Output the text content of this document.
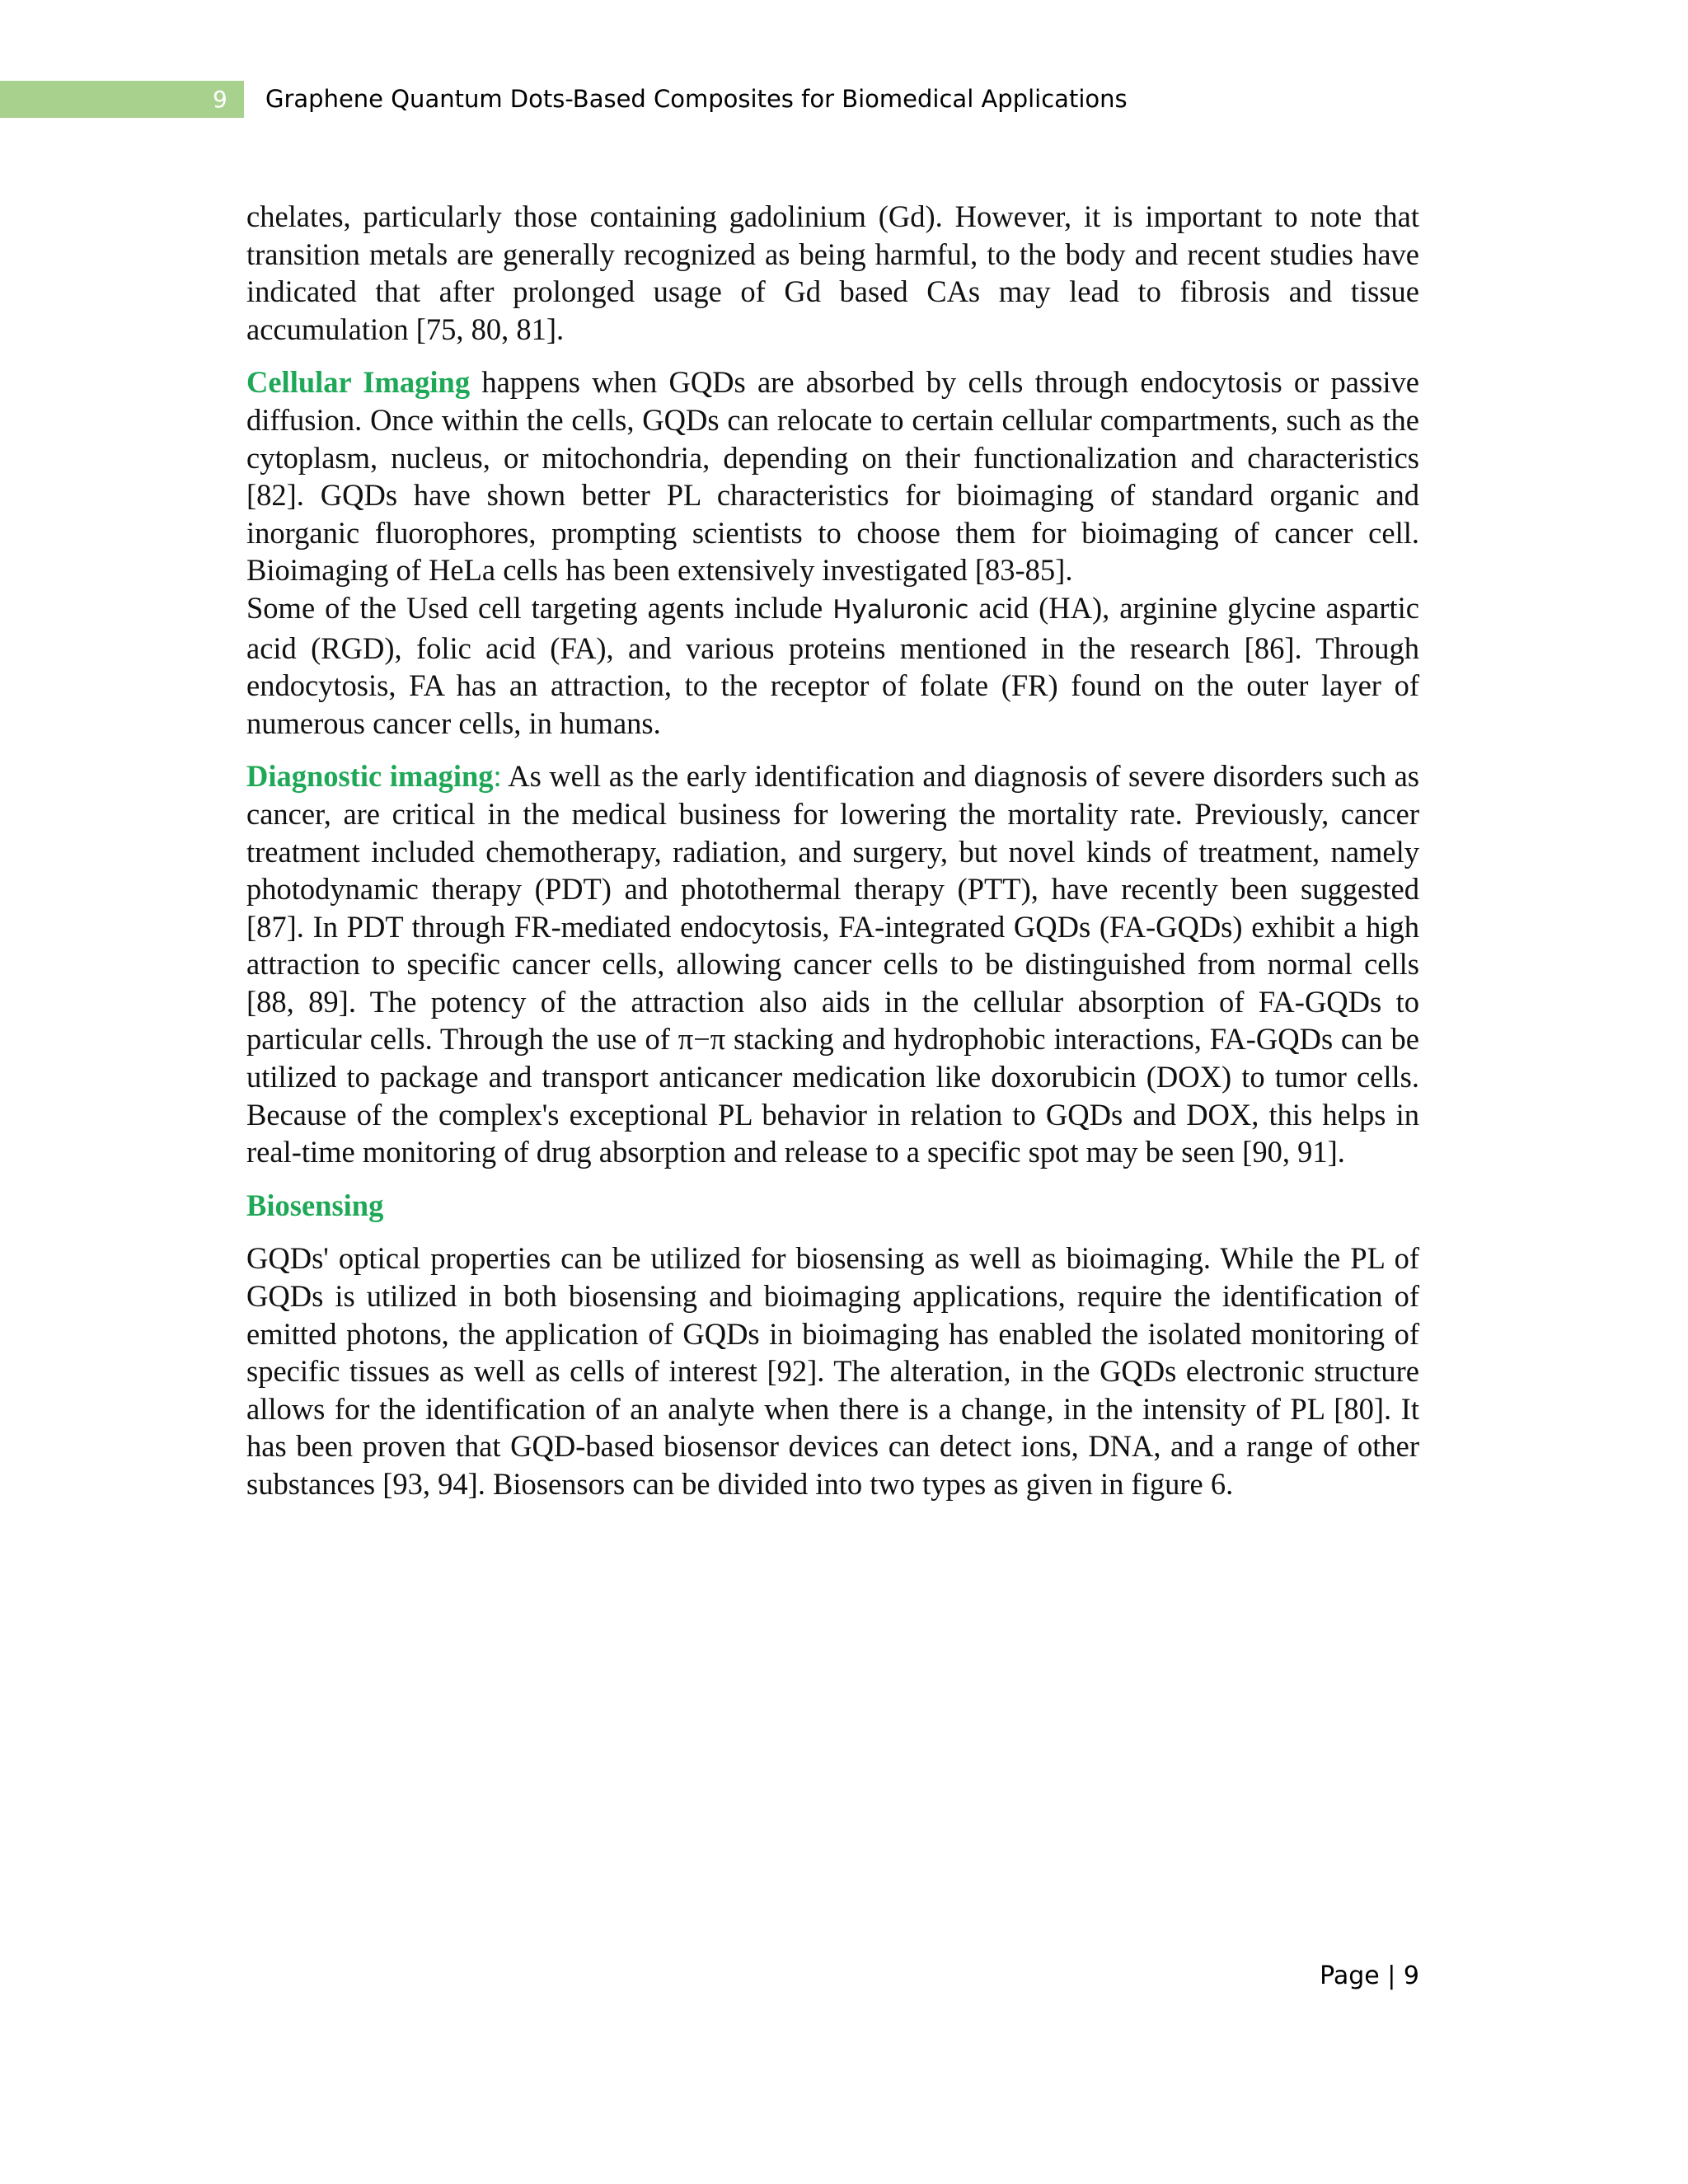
9 Graphene Quantum Dots-Based Composites for Biomedical Applications

chelates, particularly those containing gadolinium (Gd). However, it is important to note that transition metals are generally recognized as being harmful, to the body and recent studies have indicated that after prolonged usage of Gd based CAs may lead to fibrosis and tissue accumulation [75, 80, 81].

Cellular Imaging happens when GQDs are absorbed by cells through endocytosis or passive diffusion. Once within the cells, GQDs can relocate to certain cellular compartments, such as the cytoplasm, nucleus, or mitochondria, depending on their functionalization and characteristics [82]. GQDs have shown better PL characteristics for bioimaging of standard organic and inorganic fluorophores, prompting scientists to choose them for bioimaging of cancer cell. Bioimaging of HeLa cells has been extensively investigated [83-85].

Some of the Used cell targeting agents include Hyaluronic acid (HA), arginine glycine aspartic acid (RGD), folic acid (FA), and various proteins mentioned in the research [86]. Through endocytosis, FA has an attraction, to the receptor of folate (FR) found on the outer layer of numerous cancer cells, in humans.

Diagnostic imaging: As well as the early identification and diagnosis of severe disorders such as cancer, are critical in the medical business for lowering the mortality rate. Previously, cancer treatment included chemotherapy, radiation, and surgery, but novel kinds of treatment, namely photodynamic therapy (PDT) and photothermal therapy (PTT), have recently been suggested [87]. In PDT through FR-mediated endocytosis, FA-integrated GQDs (FA-GQDs) exhibit a high attraction to specific cancer cells, allowing cancer cells to be distinguished from normal cells [88, 89]. The potency of the attraction also aids in the cellular absorption of FA-GQDs to particular cells. Through the use of π−π stacking and hydrophobic interactions, FA-GQDs can be utilized to package and transport anticancer medication like doxorubicin (DOX) to tumor cells. Because of the complex's exceptional PL behavior in relation to GQDs and DOX, this helps in real-time monitoring of drug absorption and release to a specific spot may be seen [90, 91].

Biosensing

GQDs' optical properties can be utilized for biosensing as well as bioimaging. While the PL of GQDs is utilized in both biosensing and bioimaging applications, require the identification of emitted photons, the application of GQDs in bioimaging has enabled the isolated monitoring of specific tissues as well as cells of interest [92]. The alteration, in the GQDs electronic structure allows for the identification of an analyte when there is a change, in the intensity of PL [80]. It has been proven that GQD-based biosensor devices can detect ions, DNA, and a range of other substances [93, 94]. Biosensors can be divided into two types as given in figure 6.

Page | 9
